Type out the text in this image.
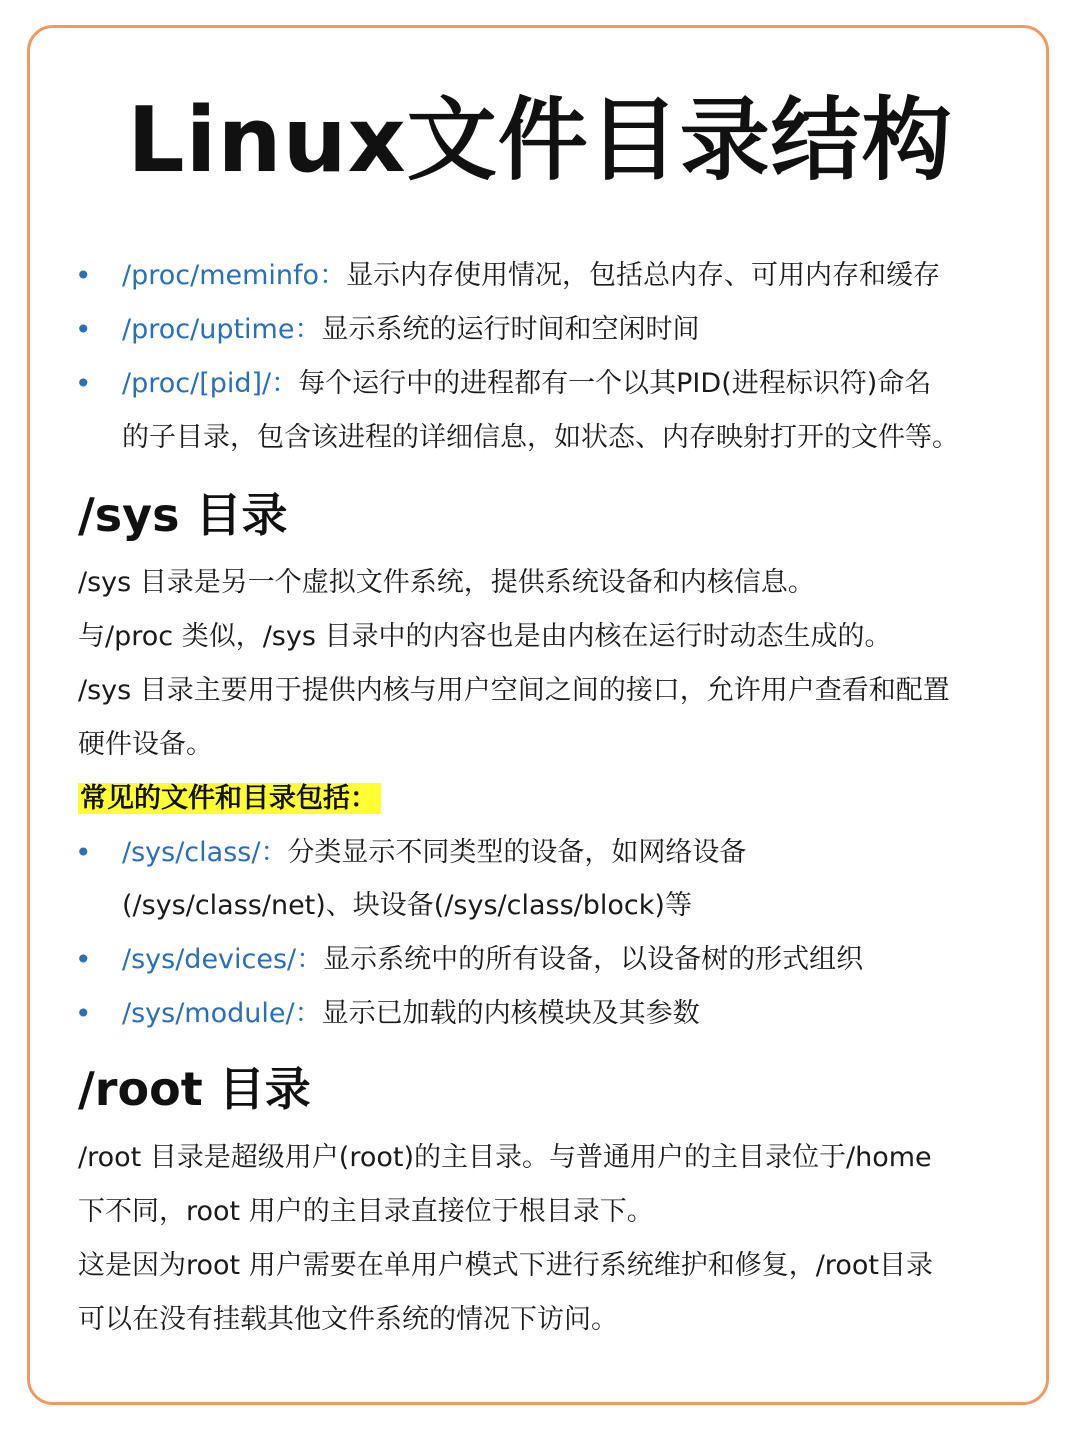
Linux文件目录结构
• /proc/meminfo：显示内存使用情况，包括总内存、可用内存和缓存
• /proc/uptime：显示系统的运行时间和空闲时间
• /proc/[pid]/：每个运行中的进程都有一个以其PID(进程标识符)命名
的子目录，包含该进程的详细信息，如状态、内存映射打开的文件等。
/sys 目录
/sys 目录是另一个虚拟文件系统，提供系统设备和内核信息。
与/proc 类似，/sys 目录中的内容也是由内核在运行时动态生成的。
/sys 目录主要用于提供内核与用户空间之间的接口，允许用户查看和配置
硬件设备。
常见的文件和目录包括：
• /sys/class/：分类显示不同类型的设备，如网络设备
(/sys/class/net)、块设备(/sys/class/block)等
• /sys/devices/：显示系统中的所有设备，以设备树的形式组织
• /sys/module/：显示已加载的内核模块及其参数
/root 目录
/root 目录是超级用户(root)的主目录。与普通用户的主目录位于/home
下不同，root 用户的主目录直接位于根目录下。
这是因为root 用户需要在单用户模式下进行系统维护和修复，/root目录
可以在没有挂载其他文件系统的情况下访问。
